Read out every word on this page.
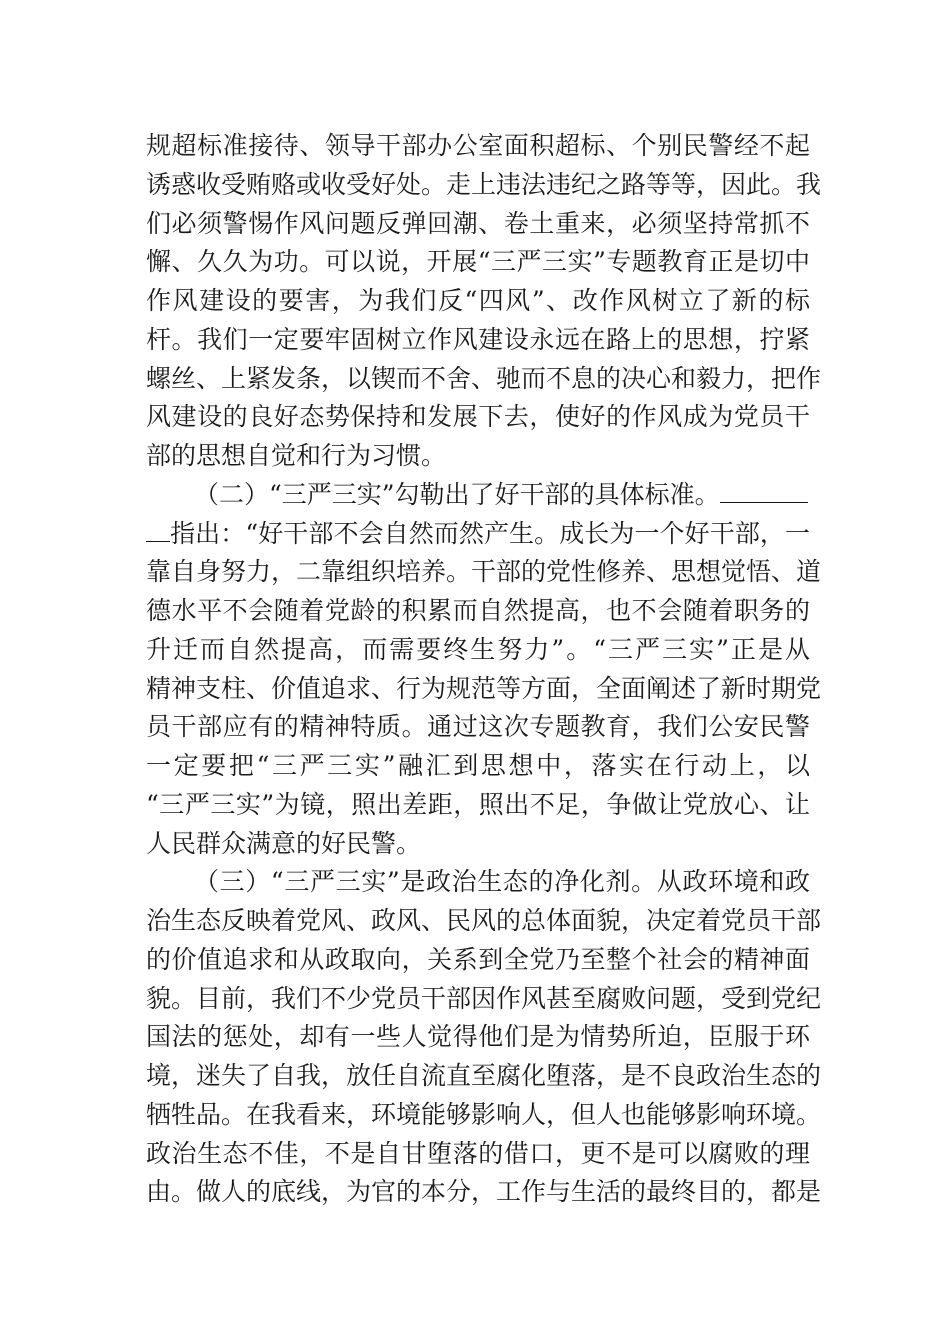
规超标准接待、领导干部办公室面积超标、个别民警经不起
诱惑收受贿赂或收受好处。走上违法违纪之路等等，因此。我
们必须警惕作风问题反弹回潮、卷土重来，必须坚持常抓不
懈、久久为功。可以说，开展“三严三实”专题教育正是切中
作风建设的要害，为我们反“四风”、改作风树立了新的标
杆。我们一定要牢固树立作风建设永远在路上的思想，拧紧
螺丝、上紧发条，以锲而不舍、驰而不息的决心和毅力，把作
风建设的良好态势保持和发展下去，使好的作风成为党员干
部的思想自觉和行为习惯。
（二）“三严三实”勾勒出了好干部的具体标准。
指出：“好干部不会自然而然产生。成长为一个好干部，一
靠自身努力，二靠组织培养。干部的党性修养、思想觉悟、道
德水平不会随着党龄的积累而自然提高，也不会随着职务的
升迁而自然提高，而需要终生努力”。“三严三实”正是从
精神支柱、价值追求、行为规范等方面，全面阐述了新时期党
员干部应有的精神特质。通过这次专题教育，我们公安民警
一定要把“三严三实”融汇到思想中，落实在行动上，以
“三严三实”为镜，照出差距，照出不足，争做让党放心、让
人民群众满意的好民警。
（三）“三严三实”是政治生态的净化剂。从政环境和政
治生态反映着党风、政风、民风的总体面貌，决定着党员干部
的价值追求和从政取向，关系到全党乃至整个社会的精神面
貌。目前，我们不少党员干部因作风甚至腐败问题，受到党纪
国法的惩处，却有一些人觉得他们是为情势所迫，臣服于环
境，迷失了自我，放任自流直至腐化堕落，是不良政治生态的
牺牲品。在我看来，环境能够影响人，但人也能够影响环境。
政治生态不佳，不是自甘堕落的借口，更不是可以腐败的理
由。做人的底线，为官的本分，工作与生活的最终目的，都是
